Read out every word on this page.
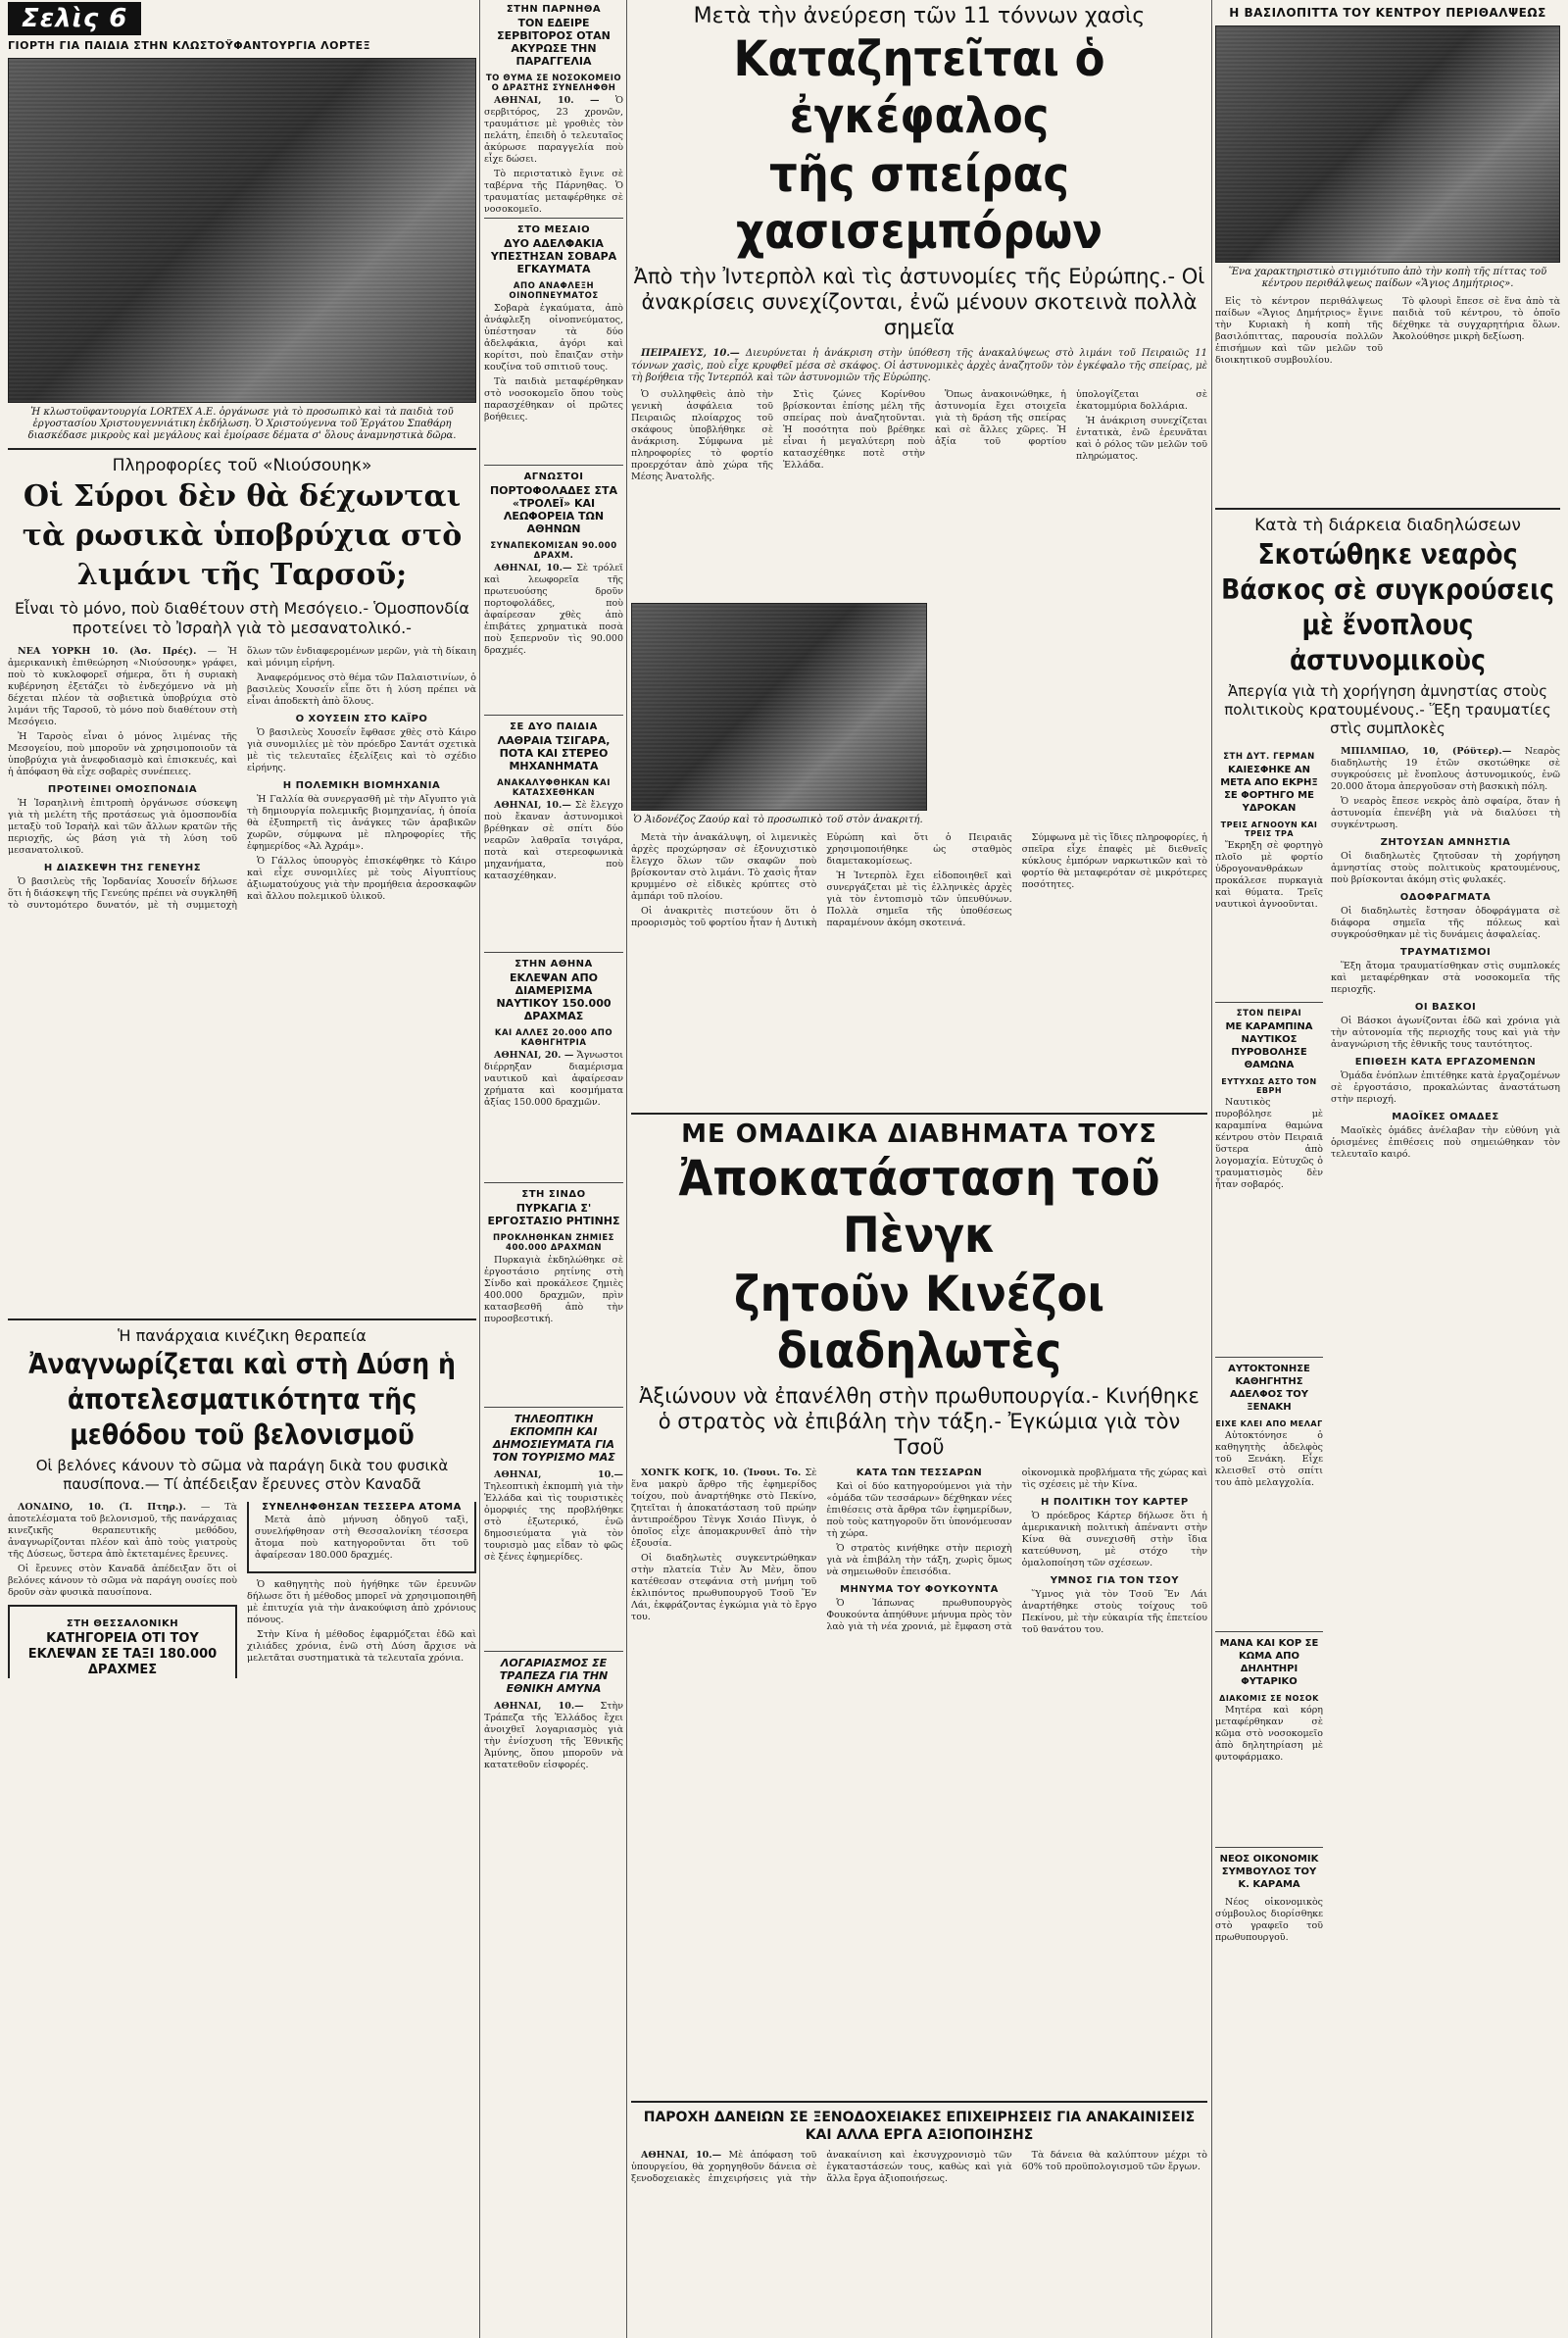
Σελὶς 6
ΓΙΟΡΤΗ ΓΙΑ ΠΑΙΔΙΑ ΣΤΗΝ ΚΛΩΣΤΟΫΦΑΝΤΟΥΡΓΙΑ ΛΟΡΤΕΞ
Ἡ κλωστοϋφαντουργία LORTEX Α.Ε. ὀργάνωσε γιὰ τὸ προσωπικὸ καὶ τὰ παιδιὰ τοῦ ἐργοστασίου Χριστουγεννιάτικη ἐκδήλωση. Ὁ Χριστούγεννα τοῦ Ἐργάτου Σπαθάρη διασκέδασε μικροὺς καὶ μεγάλους καὶ ἐμοίρασε δέματα σ' ὅλους ἀναμνηστικὰ δῶρα.
Πληροφορίες τοῦ «Νιούσουηκ»
Οἱ Σύροι δὲν θὰ δέχωνται τὰ ρωσικὰ ὑποβρύχια στὸ λιμάνι τῆς Ταρσοῦ;
Εἶναι τὸ μόνο, ποὺ διαθέτουν στὴ Μεσόγειο.- Ὁμοσπονδία προτείνει τὸ Ἰσραὴλ γιὰ τὸ μεσανατολικό.-

ΝΕΑ ΥΟΡΚΗ 10. (Ἀσ. Πρές). — Ἡ ἀμερικανικὴ ἐπιθεώρηση «Νιούσουηκ» γράφει, ποὺ τὸ κυκλοφορεῖ σήμερα, ὅτι ἡ συριακὴ κυβέρνηση ἐξετάζει τὸ ἐνδεχόμενο νὰ μὴ δέχεται πλέον τὰ σοβιετικὰ ὑποβρύχια στὸ λιμάνι τῆς Ταρσοῦ, τὸ μόνο ποὺ διαθέτουν στὴ Μεσόγειο.

Ἡ Ταρσὸς εἶναι ὁ μόνος λιμένας τῆς Μεσογείου, ποὺ μποροῦν νὰ χρησιμοποιοῦν τὰ ὑποβρύχια γιὰ ἀνεφοδιασμὸ καὶ ἐπισκευές, καὶ ἡ ἀπόφαση θὰ εἶχε σοβαρὲς συνέπειες.

ΠΡΟΤΕΙΝΕΙ ΟΜΟΣΠΟΝΔΙΑ

Ἡ Ἰσραηλινὴ ἐπιτροπὴ ὀργάνωσε σύσκεψη γιὰ τὴ μελέτη τῆς προτάσεως γιὰ ὁμοσπονδία μεταξὺ τοῦ Ἰσραὴλ καὶ τῶν ἄλλων κρατῶν τῆς περιοχῆς, ὡς βάση γιὰ τὴ λύση τοῦ μεσανατολικοῦ.

Η ΔΙΑΣΚΕΨΗ ΤΗΣ ΓΕΝΕΥΗΣ

Ὁ βασιλεὺς τῆς Ἰορδανίας Χουσεΐν δήλωσε ὅτι ἡ διάσκεψη τῆς Γενεύης πρέπει νὰ συγκληθῆ τὸ συντομότερο δυνατόν, μὲ τὴ συμμετοχὴ ὅλων τῶν ἐνδιαφερομένων μερῶν, γιὰ τὴ δίκαιη καὶ μόνιμη εἰρήνη.

Ἀναφερόμενος στὸ θέμα τῶν Παλαιστινίων, ὁ βασιλεὺς Χουσεΐν εἶπε ὅτι ἡ λύση πρέπει νὰ εἶναι ἀποδεκτὴ ἀπὸ ὅλους.

Ο ΧΟΥΣΕΙΝ ΣΤΟ ΚΑΪΡΟ

Ὁ βασιλεὺς Χουσεΐν ἔφθασε χθὲς στὸ Κάιρο γιὰ συνομιλίες μὲ τὸν πρόεδρο Σαντάτ σχετικὰ μὲ τὶς τελευταῖες ἐξελίξεις καὶ τὸ σχέδιο εἰρήνης.

Η ΠΟΛΕΜΙΚΗ ΒΙΟΜΗΧΑΝΙΑ

Ἡ Γαλλία θὰ συνεργασθῆ μὲ τὴν Αἴγυπτο γιὰ τὴ δημιουργία πολεμικῆς βιομηχανίας, ἡ ὁποία θὰ ἐξυπηρετῆ τὶς ἀνάγκες τῶν ἀραβικῶν χωρῶν, σύμφωνα μὲ πληροφορίες τῆς ἐφημερίδος «Ἀλ Ἀχράμ».

Ὁ Γάλλος ὑπουργὸς ἐπισκέφθηκε τὸ Κάιρο καὶ εἶχε συνομιλίες μὲ τοὺς Αἰγυπτίους ἀξιωματούχους γιὰ τὴν προμήθεια ἀεροσκαφῶν καὶ ἄλλου πολεμικοῦ ὑλικοῦ.

Ἡ πανάρχαια κινέζικη θεραπεία
Ἀναγνωρίζεται καὶ στὴ Δύση ἡ ἀποτελεσματικότητα τῆς μεθόδου τοῦ βελονισμοῦ
Οἱ βελόνες κάνουν τὸ σῶμα νὰ παράγη δικὰ του φυσικὰ παυσίπονα.— Τί ἀπέδειξαν ἔρευνες στὸν Καναδᾶ

ΛΟΝΔΙΝΟ, 10. (Ἰ. Πτηρ.). — Τὰ ἀποτελέσματα τοῦ βελονισμοῦ, τῆς πανάρχαιας κινεζικῆς θεραπευτικῆς μεθόδου, ἀναγνωρίζονται πλέον καὶ ἀπὸ τοὺς γιατροὺς τῆς Δύσεως, ὕστερα ἀπὸ ἐκτεταμένες ἔρευνες.

Οἱ ἔρευνες στὸν Καναδᾶ ἀπέδειξαν ὅτι οἱ βελόνες κάνουν τὸ σῶμα νὰ παράγη ουσίες ποὺ δροῦν σὰν φυσικὰ παυσίπονα.

ΣΤΗ ΘΕΣΣΑΛΟΝΙΚΗ
ΚΑΤΗΓΟΡΕΙΑ ΟΤΙ ΤΟΥ ΕΚΛΕΨΑΝ ΣΕ ΤΑΞΙ 180.000 ΔΡΑΧΜΕΣ
ΣΥΝΕΛΗΦΘΗΣΑΝ ΤΕΣΣΕΡΑ ΑΤΟΜΑ

Μετὰ ἀπὸ μήνυση ὁδηγοῦ ταξὶ, συνελήφθησαν στὴ Θεσσαλονίκη τέσσερα ἄτομα ποὺ κατηγοροῦνται ὅτι τοῦ ἀφαίρεσαν 180.000 δραχμές.

Ὁ καθηγητὴς ποὺ ἡγήθηκε τῶν ἐρευνῶν δήλωσε ὅτι ἡ μέθοδος μπορεῖ νὰ χρησιμοποιηθῆ μὲ ἐπιτυχία γιὰ τὴν ἀνακούφιση ἀπὸ χρόνιους πόνους.

Στὴν Κίνα ἡ μέθοδος ἐφαρμόζεται ἐδῶ καὶ χιλιάδες χρόνια, ἐνῶ στὴ Δύση ἄρχισε νὰ μελετᾶται συστηματικὰ τὰ τελευταῖα χρόνια.

ΣΤΗΝ ΠΑΡΝΗΘΑ
ΤΟΝ ΕΔΕΙΡΕ ΣΕΡΒΙΤΟΡΟΣ ΟΤΑΝ ΑΚΥΡΩΣΕ ΤΗΝ ΠΑΡΑΓΓΕΛΙΑ
ΤΟ ΘΥΜΑ ΣΕ ΝΟΣΟΚΟΜΕΙΟ Ο ΔΡΑΣΤΗΣ ΣΥΝΕΛΗΦΘΗ

ΑΘΗΝΑΙ, 10. — Ὁ σερβιτόρος, 23 χρονῶν, τραυμάτισε μὲ γροθιὲς τὸν πελάτη, ἐπειδὴ ὁ τελευταῖος ἀκύρωσε παραγγελία ποὺ εἶχε δώσει.

Τὸ περιστατικὸ ἔγινε σὲ ταβέρνα τῆς Πάρνηθας. Ὁ τραυματίας μεταφέρθηκε σὲ νοσοκομεῖο.

ΣΤΟ ΜΕΣΑΙΟ
ΔΥΟ ΑΔΕΛΦΑΚΙΑ ΥΠΕΣΤΗΣΑΝ ΣΟΒΑΡΑ ΕΓΚΑΥΜΑΤΑ
ΑΠΟ ΑΝΑΦΛΕΞΗ ΟΙΝΟΠΝΕΥΜΑΤΟΣ

Σοβαρὰ ἐγκαύματα, ἀπὸ ἀνάφλεξη οἰνοπνεύματος, ὑπέστησαν τὰ δύο ἀδελφάκια, ἀγόρι καὶ κορίτσι, ποὺ ἔπαιζαν στὴν κουζίνα τοῦ σπιτιοῦ τους.

Τὰ παιδιὰ μεταφέρθηκαν στὸ νοσοκομεῖο ὅπου τοὺς παρασχέθηκαν οἱ πρῶτες βοήθειες.

ΑΓΝΩΣΤΟΙ
ΠΟΡΤΟΦΟΛΑΔΕΣ ΣΤΑ «ΤΡΟΛΕΪ» ΚΑΙ ΛΕΩΦΟΡΕΙΑ ΤΩΝ ΑΘΗΝΩΝ
ΣΥΝΑΠΕΚΟΜΙΣΑΝ 90.000 ΔΡΑΧΜ.

ΑΘΗΝΑΙ, 10.— Σὲ τρόλεϊ καὶ λεωφορεῖα τῆς πρωτευούσης δροῦν πορτοφολάδες, ποὺ ἀφαίρεσαν χθὲς ἀπὸ ἐπιβάτες χρηματικὰ ποσὰ ποὺ ξεπερνοῦν τὶς 90.000 δραχμές.

ΣΕ ΔΥΟ ΠΑΙΔΙΑ
ΛΑΘΡΑΙΑ ΤΣΙΓΑΡΑ, ΠΟΤΑ ΚΑΙ ΣΤΕΡΕΟ ΜΗΧΑΝΗΜΑΤΑ
ΑΝΑΚΑΛΥΦΘΗΚΑΝ ΚΑΙ ΚΑΤΑΣΧΕΘΗΚΑΝ

ΑΘΗΝΑΙ, 10.— Σὲ ἔλεγχο ποὺ ἔκαναν ἀστυνομικοὶ βρέθηκαν σὲ σπίτι δύο νεαρῶν λαθραῖα τσιγάρα, ποτὰ καὶ στερεοφωνικὰ μηχανήματα, ποὺ κατασχέθηκαν.

ΣΤΗΝ ΑΘΗΝΑ
ΕΚΛΕΨΑΝ ΑΠΟ ΔΙΑΜΕΡΙΣΜΑ ΝΑΥΤΙΚΟΥ 150.000 ΔΡΑΧΜΑΣ
ΚΑΙ ΑΛΛΕΣ 20.000 ΑΠΟ ΚΑΘΗΓΗΤΡΙΑ

ΑΘΗΝΑΙ, 20. — Ἄγνωστοι διέρρηξαν διαμέρισμα ναυτικοῦ καὶ ἀφαίρεσαν χρήματα καὶ κοσμήματα ἀξίας 150.000 δραχμῶν.

ΣΤΗ ΣΙΝΔΟ
ΠΥΡΚΑΓΙΑ Σ' ΕΡΓΟΣΤΑΣΙΟ ΡΗΤΙΝΗΣ
ΠΡΟΚΛΗΘΗΚΑΝ ΖΗΜΙΕΣ 400.000 ΔΡΑΧΜΩΝ

Πυρκαγιὰ ἐκδηλώθηκε σὲ ἐργοστάσιο ρητίνης στὴ Σίνδο καὶ προκάλεσε ζημιὲς 400.000 δραχμῶν, πρὶν κατασβεσθῆ ἀπὸ τὴν πυροσβεστική.

ΤΗΛΕΟΠΤΙΚΗ ΕΚΠΟΜΠΗ ΚΑΙ ΔΗΜΟΣΙΕΥΜΑΤΑ ΓΙΑ ΤΟΝ ΤΟΥΡΙΣΜΟ ΜΑΣ

ΑΘΗΝΑΙ, 10.— Τηλεοπτικὴ ἐκπομπὴ γιὰ τὴν Ἑλλάδα καὶ τὶς τουριστικὲς ὀμορφιές της προβλήθηκε στὸ ἐξωτερικό, ἐνῶ δημοσιεύματα γιὰ τὸν τουρισμὸ μας εἶδαν τὸ φῶς σὲ ξένες ἐφημερίδες.

ΛΟΓΑΡΙΑΣΜΟΣ ΣΕ ΤΡΑΠΕΖΑ ΓΙΑ ΤΗΝ ΕΘΝΙΚΗ ΑΜΥΝΑ

ΑΘΗΝΑΙ, 10.— Στὴν Τράπεζα τῆς Ἑλλάδος ἔχει ἀνοιχθεῖ λογαριασμὸς γιὰ τὴν ἐνίσχυση τῆς Ἐθνικῆς Ἀμύνης, ὅπου μποροῦν νὰ κατατεθοῦν εἰσφορές.

Μετὰ τὴν ἀνεύρεση τῶν 11 τόννων χασὶς
Καταζητεῖται ὁ ἐγκέφαλος
τῆς σπείρας χασισεμπόρων
Ἀπὸ τὴν Ἰντερπὸλ καὶ τὶς ἀστυνομίες τῆς Εὐρώπης.- Οἱ ἀνακρίσεις συνεχίζονται, ἐνῶ μένουν σκοτεινὰ πολλὰ σημεῖα

ΠΕΙΡΑΙΕΥΣ, 10.— Διευρύνεται ἡ ἀνάκριση στὴν ὑπόθεση τῆς ἀνακαλύψεως στὸ λιμάνι τοῦ Πειραιῶς 11 τόννων χασὶς, ποὺ εἶχε κρυφθεῖ μέσα σὲ σκάφος. Οἱ ἀστυνομικὲς ἀρχὲς ἀναζητοῦν τὸν ἐγκέφαλο τῆς σπείρας, μὲ τὴ βοήθεια τῆς Ἰντερπόλ καὶ τῶν ἀστυνομιῶν τῆς Εὐρώπης.

Ὁ συλληφθεὶς ἀπὸ τὴν γενικὴ ἀσφάλεια τοῦ Πειραιῶς πλοίαρχος τοῦ σκάφους ὑποβλήθηκε σὲ ἀνάκριση. Σύμφωνα μὲ πληροφορίες τὸ φορτίο προερχόταν ἀπὸ χώρα τῆς Μέσης Ἀνατολῆς.

Στὶς ζώνες Κορίνθου βρίσκονται ἐπίσης μέλη τῆς σπείρας ποὺ ἀναζητοῦνται. Ἡ ποσότητα ποὺ βρέθηκε εἶναι ἡ μεγαλύτερη ποὺ κατασχέθηκε ποτὲ στὴν Ἑλλάδα.

Ὅπως ἀνακοινώθηκε, ἡ ἀστυνομία ἔχει στοιχεῖα γιὰ τὴ δράση τῆς σπείρας καὶ σὲ ἄλλες χῶρες. Ἡ ἀξία τοῦ φορτίου ὑπολογίζεται σὲ ἑκατομμύρια δολλάρια.

Ἡ ἀνάκριση συνεχίζεται ἐντατικὰ, ἐνῶ ἐρευνᾶται καὶ ὁ ρόλος τῶν μελῶν τοῦ πληρώματος.

Ὁ Ἀιδονέζος Ζαούρ καὶ τὸ προσωπικὸ τοῦ στὸν ἀνακριτή.

Μετὰ τὴν ἀνακάλυψη, οἱ λιμενικὲς ἀρχὲς προχώρησαν σὲ ἐξονυχιστικὸ ἔλεγχο ὅλων τῶν σκαφῶν ποὺ βρίσκονταν στὸ λιμάνι. Τὸ χασὶς ἦταν κρυμμένο σὲ εἰδικὲς κρύπτες στὸ ἀμπάρι τοῦ πλοίου.

Οἱ ἀνακριτὲς πιστεύουν ὅτι ὁ προορισμὸς τοῦ φορτίου ἦταν ἡ Δυτικὴ Εὐρώπη καὶ ὅτι ὁ Πειραιᾶς χρησιμοποιήθηκε ὡς σταθμὸς διαμετακομίσεως.

Ἡ Ἰντερπὸλ ἔχει εἰδοποιηθεῖ καὶ συνεργάζεται μὲ τὶς ἑλληνικὲς ἀρχὲς γιὰ τὸν ἐντοπισμὸ τῶν ὑπευθύνων. Πολλὰ σημεῖα τῆς ὑποθέσεως παραμένουν ἀκόμη σκοτεινά.

Σύμφωνα μὲ τὶς ἴδιες πληροφορίες, ἡ σπεῖρα εἶχε ἐπαφὲς μὲ διεθνεῖς κύκλους ἐμπόρων ναρκωτικῶν καὶ τὸ φορτίο θὰ μεταφερόταν σὲ μικρότερες ποσότητες.

ΜΕ ΟΜΑΔΙΚΑ ΔΙΑΒΗΜΑΤΑ ΤΟΥΣ
Ἀποκατάσταση τοῦ Πὲνγκ
ζητοῦν Κινέζοι διαδηλωτὲς
Ἀξιώνουν νὰ ἐπανέλθη στὴν πρωθυπουργία.- Κινήθηκε ὁ στρατὸς νὰ ἐπιβάλη τὴν τάξη.- Ἐγκώμια γιὰ τὸν Τσοῦ

ΧΟΝΓΚ ΚΟΓΚ, 10. (Ἰνουι. Το. Σὲ ἕνα μακρὺ ἄρθρο τῆς ἐφημερίδος τοίχου, ποὺ ἀναρτήθηκε στὸ Πεκίνο, ζητεῖται ἡ ἀποκατάσταση τοῦ πρώην ἀντιπροέδρου Τὲνγκ Χσιάο Πὶνγκ, ὁ ὁποῖος εἶχε ἀπομακρυνθεῖ ἀπὸ τὴν ἐξουσία.

Οἱ διαδηλωτὲς συγκεντρώθηκαν στὴν πλατεία Τιὲν Ἀν Μὲν, ὅπου κατέθεσαν στεφάνια στὴ μνήμη τοῦ ἐκλιπόντος πρωθυπουργοῦ Τσοῦ Ἔν Λάι, ἐκφράζοντας ἐγκώμια γιὰ τὸ ἔργο του.

ΚΑΤΑ ΤΩΝ ΤΕΣΣΑΡΩΝ

Καὶ οἱ δύο κατηγορούμενοι γιὰ τὴν «ὁμάδα τῶν τεσσάρων» δέχθηκαν νέες ἐπιθέσεις στὰ ἄρθρα τῶν ἐφημερίδων, ποὺ τοὺς κατηγοροῦν ὅτι ὑπονόμευσαν τὴ χώρα.

Ὁ στρατὸς κινήθηκε στὴν περιοχὴ γιὰ νὰ ἐπιβάλη τὴν τάξη, χωρὶς ὅμως νὰ σημειωθοῦν ἐπεισόδια.

ΜΗΝΥΜΑ ΤΟΥ ΦΟΥΚΟΥΝΤΑ

Ὁ Ἰάπωνας πρωθυπουργὸς Φουκούντα ἀπηύθυνε μήνυμα πρὸς τὸν λαὸ γιὰ τὴ νέα χρονιά, μὲ ἔμφαση στὰ οἰκονομικὰ προβλήματα τῆς χώρας καὶ τὶς σχέσεις μὲ τὴν Κίνα.

Η ΠΟΛΙΤΙΚΗ ΤΟΥ ΚΑΡΤΕΡ

Ὁ πρόεδρος Κάρτερ δήλωσε ὅτι ἡ ἀμερικανικὴ πολιτικὴ ἀπέναντι στὴν Κίνα θὰ συνεχισθῆ στὴν ἴδια κατεύθυνση, μὲ στόχο τὴν ὁμαλοποίηση τῶν σχέσεων.

ΥΜΝΟΣ ΓΙΑ ΤΟΝ ΤΣΟΥ

Ὕμνος γιὰ τὸν Τσοῦ Ἔν Λάι ἀναρτήθηκε στοὺς τοίχους τοῦ Πεκίνου, μὲ τὴν εὐκαιρία τῆς ἐπετείου τοῦ θανάτου του.

ΠΑΡΟΧΗ ΔΑΝΕΙΩΝ ΣΕ ΞΕΝΟΔΟΧΕΙΑΚΕΣ ΕΠΙΧΕΙΡΗΣΕΙΣ ΓΙΑ ΑΝΑΚΑΙΝΙΣΕΙΣ ΚΑΙ ΑΛΛΑ ΕΡΓΑ ΑΞΙΟΠΟΙΗΣΗΣ

ΑΘΗΝΑΙ, 10.— Μὲ ἀπόφαση τοῦ ὑπουργείου, θὰ χορηγηθοῦν δάνεια σὲ ξενοδοχειακὲς ἐπιχειρήσεις γιὰ τὴν ἀνακαίνιση καὶ ἐκσυγχρονισμὸ τῶν ἐγκαταστάσεών τους, καθὼς καὶ γιὰ ἄλλα ἔργα ἀξιοποιήσεως.

Τὰ δάνεια θὰ καλύπτουν μέχρι τὸ 60% τοῦ προϋπολογισμοῦ τῶν ἔργων.

Η ΒΑΣΙΛΟΠΙΤΤΑ ΤΟΥ ΚΕΝΤΡΟΥ ΠΕΡΙΘΑΛΨΕΩΣ
Ἕνα χαρακτηριστικὸ στιγμιότυπο ἀπὸ τὴν κοπὴ τῆς πίττας τοῦ κέντρου περιθάλψεως παίδων «Ἅγιος Δημήτριος».

Εἰς τὸ κέντρον περιθάλψεως παίδων «Ἅγιος Δημήτριος» ἔγινε τὴν Κυριακὴ ἡ κοπὴ τῆς βασιλόπιττας, παρουσία πολλῶν ἐπισήμων καὶ τῶν μελῶν τοῦ διοικητικοῦ συμβουλίου.

Τὸ φλουρὶ ἔπεσε σὲ ἕνα ἀπὸ τὰ παιδιὰ τοῦ κέντρου, τὸ ὁποῖο δέχθηκε τὰ συγχαρητήρια ὅλων. Ἀκολούθησε μικρὴ δεξίωση.

Κατὰ τὴ διάρκεια διαδηλώσεων
Σκοτώθηκε νεαρὸς Βάσκος σὲ συγκρούσεις μὲ ἔνοπλους ἀστυνομικοὺς
Ἀπεργία γιὰ τὴ χορήγηση ἀμνηστίας στοὺς πολιτικοὺς κρατουμένους.- Ἕξη τραυματίες στὶς συμπλοκὲς
ΣΤΗ ΔΥΤ. ΓΕΡΜΑΝ
ΚΑΙΕΣΦΗΚΕ ΑΝ ΜΕΤΑ ΑΠΟ ΕΚΡΗΞ ΣΕ ΦΟΡΤΗΓΟ ΜΕ ΥΔΡΟΚΑΝ
ΤΡΕΙΣ ΑΓΝΟΟΥΝ ΚΑΙ ΤΡΕΙΣ ΤΡΑ

Ἔκρηξη σὲ φορτηγὸ πλοῖο μὲ φορτίο ὑδρογονανθράκων προκάλεσε πυρκαγιὰ καὶ θύματα. Τρεῖς ναυτικοὶ ἀγνοοῦνται.

ΣΤΟΝ ΠΕΙΡΑΙ
ΜΕ ΚΑΡΑΜΠΙΝΑ ΝΑΥΤΙΚΟΣ ΠΥΡΟΒΟΛΗΣΕ ΘΑΜΩΝΑ
ΕΥΤΥΧΩΣ ΑΣΤΟ ΤΟΝ ΕΒΡΗ

Ναυτικὸς πυροβόλησε μὲ καραμπίνα θαμώνα κέντρου στὸν Πειραιᾶ ὕστερα ἀπὸ λογομαχία. Εὐτυχῶς ὁ τραυματισμὸς δὲν ἦταν σοβαρός.

ΑΥΤΟΚΤΟΝΗΣΕ ΚΑΘΗΓΗΤΗΣ ΑΔΕΛΦΟΣ ΤΟΥ ΞΕΝΑΚΗ
ΕΙΧΕ ΚΛΕΙ ΑΠΟ ΜΕΛΑΓ

Αὐτοκτόνησε ὁ καθηγητὴς ἀδελφὸς τοῦ Ξενάκη. Εἶχε κλεισθεῖ στὸ σπίτι του ἀπὸ μελαγχολία.

ΜΑΝΑ ΚΑΙ ΚΟΡ ΣΕ ΚΩΜΑ ΑΠΟ ΔΗΛΗΤΗΡΙ ΦΥΤΑΡΙΚΟ
ΔΙΑΚΟΜΙΣ ΣΕ ΝΟΣΟΚ

Μητέρα καὶ κόρη μεταφέρθηκαν σὲ κῶμα στὸ νοσοκομεῖο ἀπὸ δηλητηρίαση μὲ φυτοφάρμακο.

ΝΕΟΣ ΟΙΚΟΝΟΜΙΚ ΣΥΜΒΟΥΛΟΣ ΤΟΥ Κ. ΚΑΡΑΜΑ

Νέος οἰκονομικὸς σύμβουλος διορίσθηκε στὸ γραφεῖο τοῦ πρωθυπουργοῦ.

ΜΠΙΛΜΠΑΟ, 10, (Ρόϋτερ).— Νεαρὸς διαδηλωτὴς 19 ἐτῶν σκοτώθηκε σὲ συγκρούσεις μὲ ἔνοπλους ἀστυνομικούς, ἐνῶ 20.000 ἄτομα ἀπεργοῦσαν στὴ βασκικὴ πόλη.

Ὁ νεαρὸς ἔπεσε νεκρὸς ἀπὸ σφαίρα, ὅταν ἡ ἀστυνομία ἐπενέβη γιὰ νὰ διαλύσει τὴ συγκέντρωση.

ΖΗΤΟΥΣΑΝ ΑΜΝΗΣΤΙΑ

Οἱ διαδηλωτὲς ζητοῦσαν τὴ χορήγηση ἀμνηστίας στοὺς πολιτικοὺς κρατουμένους, ποὺ βρίσκονται ἀκόμη στὶς φυλακές.

ΟΔΟΦΡΑΓΜΑΤΑ

Οἱ διαδηλωτὲς ἔστησαν ὁδοφράγματα σὲ διάφορα σημεῖα τῆς πόλεως καὶ συγκρούσθηκαν μὲ τὶς δυνάμεις ἀσφαλείας.

ΤΡΑΥΜΑΤΙΣΜΟΙ

Ἕξη ἄτομα τραυματίσθηκαν στὶς συμπλοκές καὶ μεταφέρθηκαν στὰ νοσοκομεῖα τῆς περιοχῆς.

ΟΙ ΒΑΣΚΟΙ

Οἱ Βάσκοι ἀγωνίζονται ἐδῶ καὶ χρόνια γιὰ τὴν αὐτονομία τῆς περιοχῆς τους καὶ γιὰ τὴν ἀναγνώριση τῆς ἐθνικῆς τους ταυτότητος.

ΕΠΙΘΕΣΗ ΚΑΤΑ ΕΡΓΑΖΟΜΕΝΩΝ

Ὁμάδα ἐνόπλων ἐπιτέθηκε κατὰ ἐργαζομένων σὲ ἐργοστάσιο, προκαλώντας ἀναστάτωση στὴν περιοχή.

ΜΑΟΪΚΕΣ ΟΜΑΔΕΣ

Μαοϊκὲς ὁμάδες ἀνέλαβαν τὴν εὐθύνη γιὰ ὁρισμένες ἐπιθέσεις ποὺ σημειώθηκαν τὸν τελευταῖο καιρό.
